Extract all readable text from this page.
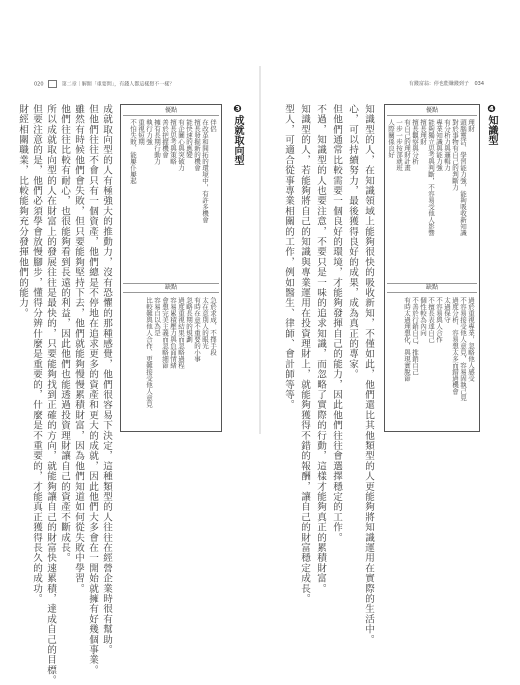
020	第二章｜解開「重要問」，有錢人都這樣想不一樣？	有錢富翁：停也能賺錢到子 034
❹知識型
優點
理財
頭腦靈活、學習能力強，能夠吸收新知識
對於事物有自己的判斷力
有分析力與邏輯力
專業知識與能力強
能夠獨立思考與判斷，不容易受他人影響
擅長理財
擅長觀察與分析
有自己的理財計畫
一步一步按部就班
人際關係良好
缺點
過於重視專業，忽略他人感受
不容易接受他人意見，容易固執己見
過度分析、容易想太多而錯過機會
太過保守
不容易與人合作
不擅長表達自己
個性較為內向
不善於行銷自己、推銷自己
有時太過理想化，與現實脫節
知識型的人，在知識領域上能夠很快的吸收新知，不僅如此，他們還比其他類型的人更能夠將知識運用在實際的生活中。
心，可以持續努力，最後獲得良好的成果，成為真正的專家。
但他們通常比較需要一個良好的環境，才能夠發揮自己的能力，因此他們往往會選擇穩定的工作。
不過，知識型的人也要注意，不要只是一味的追求知識，而忽略了實際的行動，這樣才能夠真正的累積財富。
知識型的人，若能夠將自己的知識與專業運用在投資理財上，就能夠獲得不錯的報酬，讓自己的財富穩定成長。
型人，可適合從事專業相關的工作，例如醫生、律師、會計師等等。
❸成就取向型
優點
伴侶
在改革和開拓的環境中，有許多機會
擅長發掘新的機會
能快速的應變
有企圖心與突破力
擅長思考與策略
善於把握機會
擁有長期行動力
執行力強
重視短期
不怕失敗、能屢仆屢起
缺點
急於求成、不擇手段
太在意別人的眼光
有時在意不重要的小事
忽略長期的規劃
過度重視結果而忽略過程
容易累積壓力與負面情緒
會想完美主義而忽略細節
容易自以為是
比較難與他人合作、更難接受他人意見
成就取向型的人有極強大的推動力，沒有恐懼的那種感覺，他們很容易下決定，這種類型的人往往在經營企業時很有幫助。
但他們往往不會只有一個資產，他們總是不停地在追求更多的資產和更大的成就，因此他們大多會在一開始就擁有好幾個事業。
雖然有時候他們會失敗，但只要能夠堅持下去，他們就能夠慢慢累積財富，因為他們知道如何從失敗中學習。
他們往往比較有耐心，也很能夠看到長遠的利益，因此他們也能透過投資理財讓自己的資產不斷成長。
所以成就取向型的人在財富上的發展往往是最快的，只要能夠找到正確的方向，就能夠讓自己的財富快速累積，達成自己的目標。
但要注意的是，他們必須學會放慢腳步，懂得分辨什麼是重要的，什麼是不重要的，才能真正獲得長久的成功。
財經相關職業，比較能夠充分發揮他們的能力。
